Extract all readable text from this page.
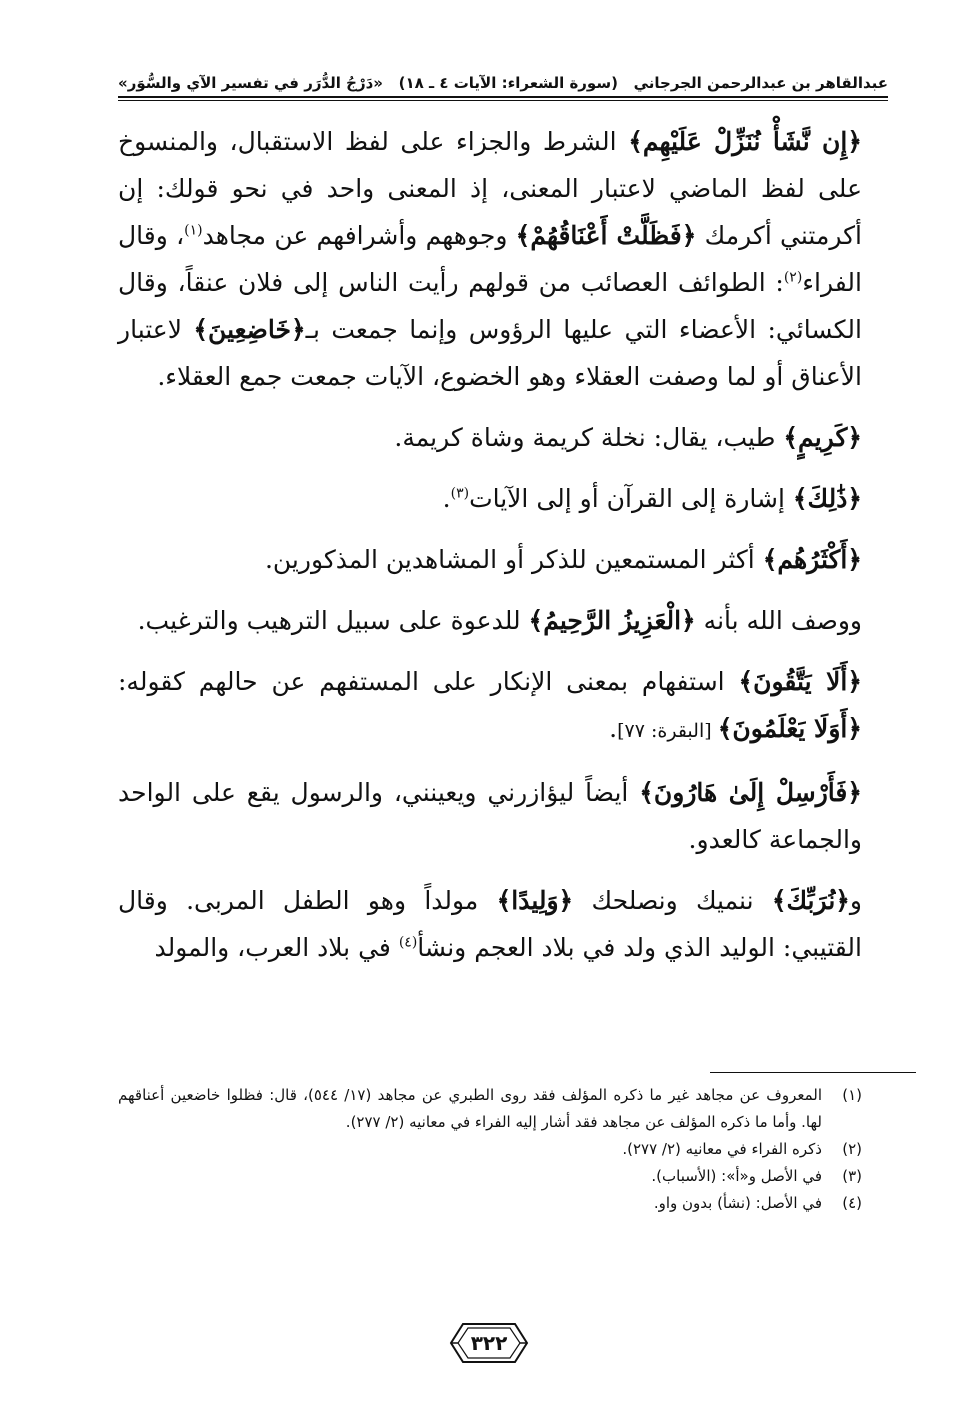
عبدالقاهر بن عبدالرحمن الجرجاني
(سورة الشعراء: الآيات ٤ ـ ١٨)
«دَرْجُ الدُّرَر في تفسير الآي والسُّوَر»

﴿إِن نَّشَأْ نُنَزِّلْ عَلَيْهِم﴾ الشرط والجزاء على لفظ الاستقبال، والمنسوخ على لفظ الماضي لاعتبار المعنى، إذ المعنى واحد في نحو قولك: إن أكرمتني أكرمك ﴿فَظَلَّتْ أَعْنَاقُهُمْ﴾ وجوههم وأشرافهم عن مجاهد$^{(١)}$، وقال الفراء$^{(٢)}$: الطوائف العصائب من قولهم رأيت الناس إلى فلان عنقاً، وقال الكسائي: الأعضاء التي عليها الرؤوس وإنما جمعت بـ﴿خَاضِعِينَ﴾ لاعتبار الأعناق أو لما وصفت العقلاء وهو الخضوع، الآيات جمعت جمع العقلاء.

﴿كَرِيمٍ﴾ طيب، يقال: نخلة كريمة وشاة كريمة.

﴿ذَٰلِكَ﴾ إشارة إلى القرآن أو إلى الآيات$^{(٣)}$.

﴿أَكْثَرُهُم﴾ أكثر المستمعين للذكر أو المشاهدين المذكورين.

ووصف الله بأنه ﴿الْعَزِيزُ الرَّحِيمُ﴾ للدعوة على سبيل الترهيب والترغيب.

﴿أَلَا يَتَّقُونَ﴾ استفهام بمعنى الإنكار على المستفهم عن حالهم كقوله: ﴿أَوَلَا يَعْلَمُونَ﴾ [البقرة: ٧٧].

﴿فَأَرْسِلْ إِلَىٰ هَارُونَ﴾ أيضاً ليؤازرني ويعينني، والرسول يقع على الواحد والجماعة كالعدو.

و﴿نُرَبِّكَ﴾ ننميك ونصلحك ﴿وَلِيدًا﴾ مولداً وهو الطفل المربى. وقال القتيبي: الوليد الذي ولد في بلاد العجم ونشأ$^{(٤)}$ في بلاد العرب، والمولد

(١)
المعروف عن مجاهد غير ما ذكره المؤلف فقد روى الطبري عن مجاهد (١٧/ ٥٤٤)، قال: فظلوا خاضعين أعناقهم لها. وأما ما ذكره المؤلف عن مجاهد فقد أشار إليه الفراء في معانيه (٢/ ٢٧٧).
(٢)
ذكره الفراء في معانيه (٢/ ٢٧٧).
(٣)
في الأصل و«أ»: (الأسباب).
(٤)
في الأصل: (نشأ) بدون واو.
٣٢٢
